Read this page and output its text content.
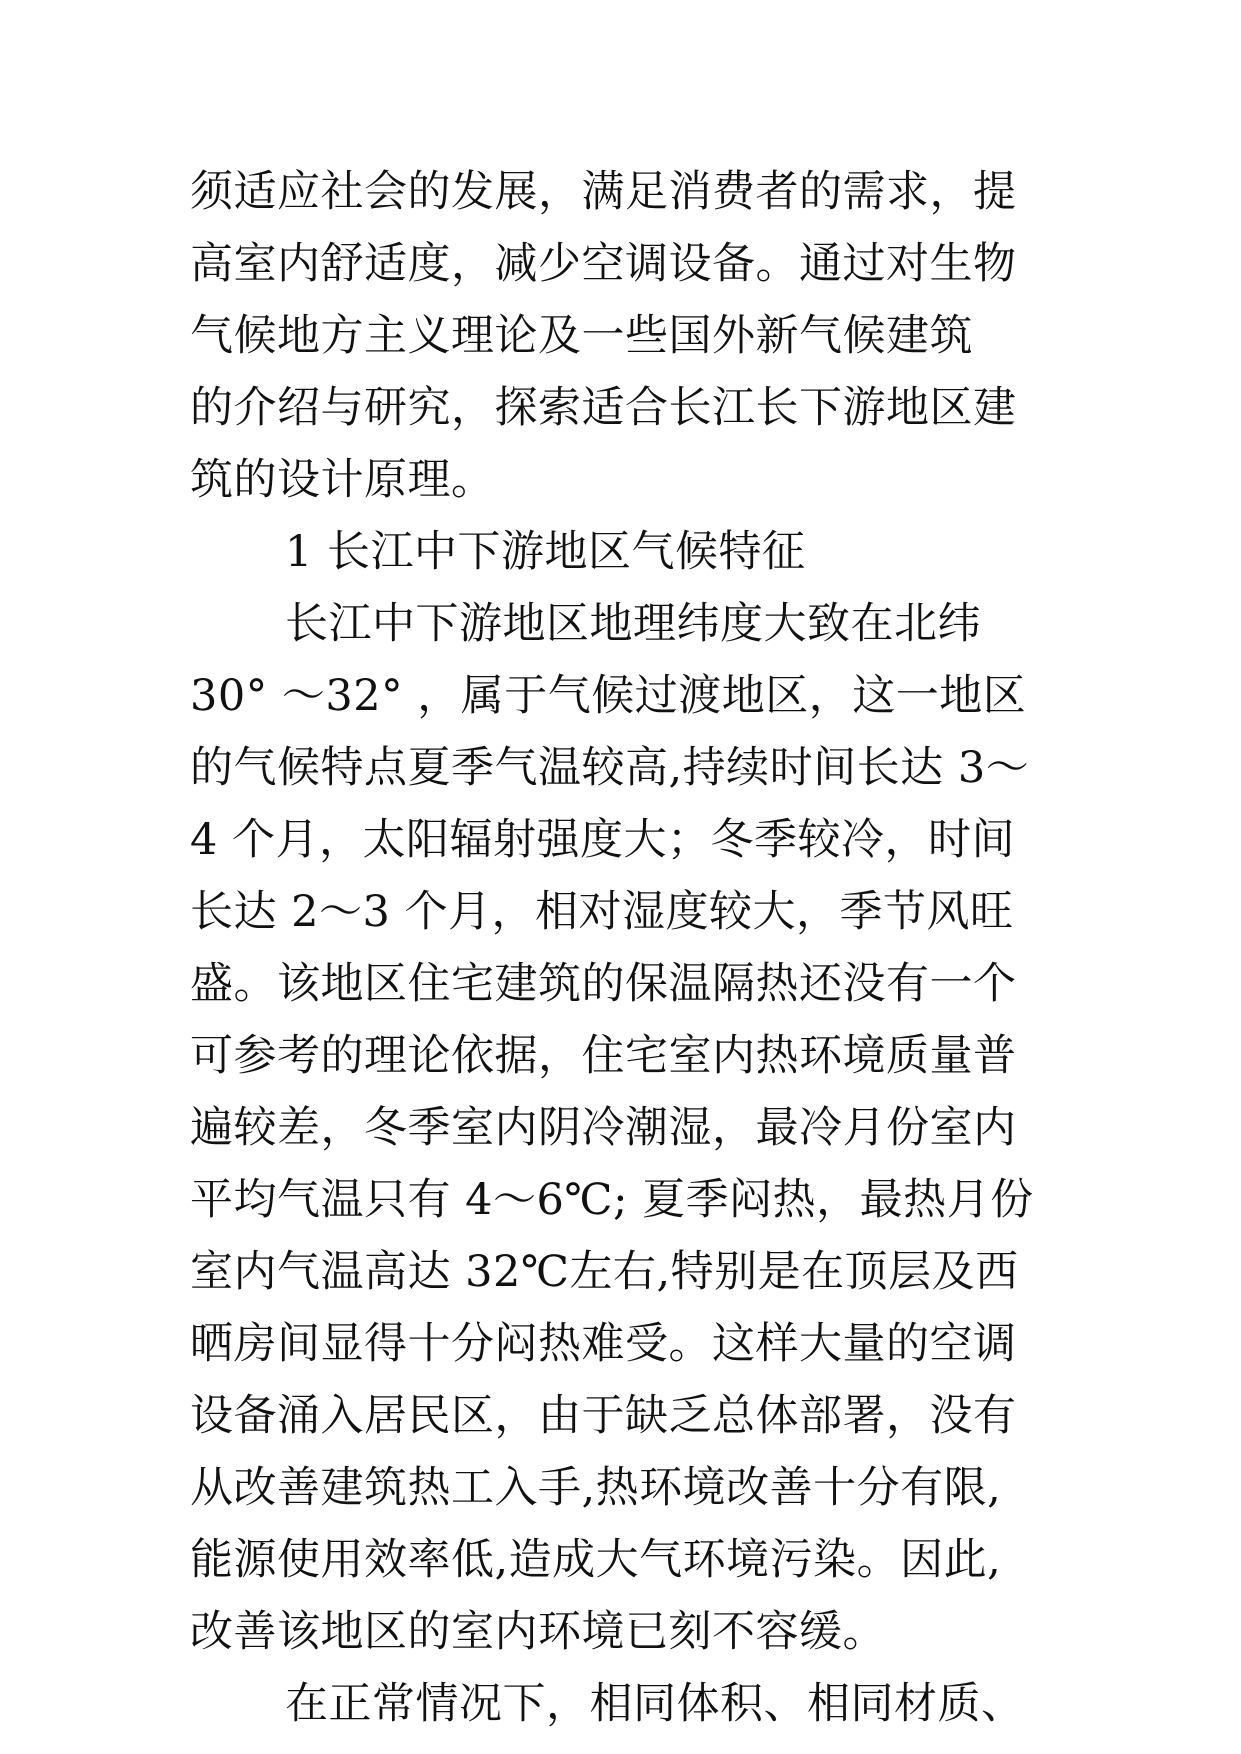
须适应社会的发展，满足消费者的需求，提
高室内舒适度，减少空调设备。通过对生物
气候地方主义理论及一些国外新气候建筑
的介绍与研究，探索适合长江长下游地区建
筑的设计原理。
1 长江中下游地区气候特征
长江中下游地区地理纬度大致在北纬
30° ～32° ，属于气候过渡地区，这一地区
的气候特点夏季气温较高,持续时间长达 3～
4 个月，太阳辐射强度大；冬季较冷，时间
长达 2～3 个月，相对湿度较大，季节风旺
盛。该地区住宅建筑的保温隔热还没有一个
可参考的理论依据，住宅室内热环境质量普
遍较差，冬季室内阴冷潮湿，最冷月份室内
平均气温只有 4～6℃; 夏季闷热，最热月份
室内气温高达 32℃左右,特别是在顶层及西
晒房间显得十分闷热难受。这样大量的空调
设备涌入居民区，由于缺乏总体部署，没有
从改善建筑热工入手,热环境改善十分有限,
能源使用效率低,造成大气环境污染。因此,
改善该地区的室内环境已刻不容缓。
在正常情况下，相同体积、相同材质、
